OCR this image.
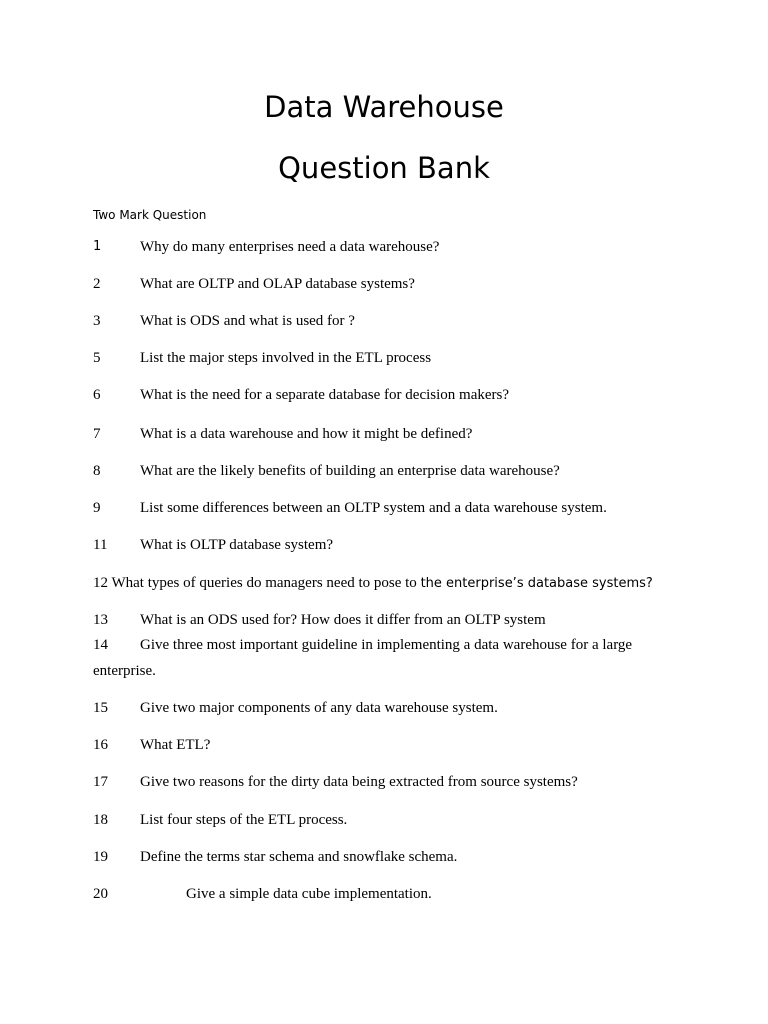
Data Warehouse
Question Bank
Two Mark Question
1	Why do many enterprises need a data warehouse?
2	What are OLTP and OLAP database systems?
3	What is ODS and what is used for ?
5	List the major steps involved in the ETL process
6	What is the need for a separate database for decision makers?
7	What is a data warehouse and how it might be defined?
8	What are the likely benefits of building an enterprise data warehouse?
9	List some differences between an OLTP system and a data warehouse system.
11 What is OLTP database system?
12 What types of queries do managers need to pose to the enterprise’s database systems?
13 What is an ODS used for? How does it differ from an OLTP system
14 Give three most important guideline in implementing a data warehouse for a large
enterprise.
15 Give two major components of any data warehouse system.
16 What ETL?
17 Give two reasons for the dirty data being extracted from source systems?
18 List four steps of the ETL process.
19 Define the terms star schema and snowflake schema.
20	Give a simple data cube implementation.
